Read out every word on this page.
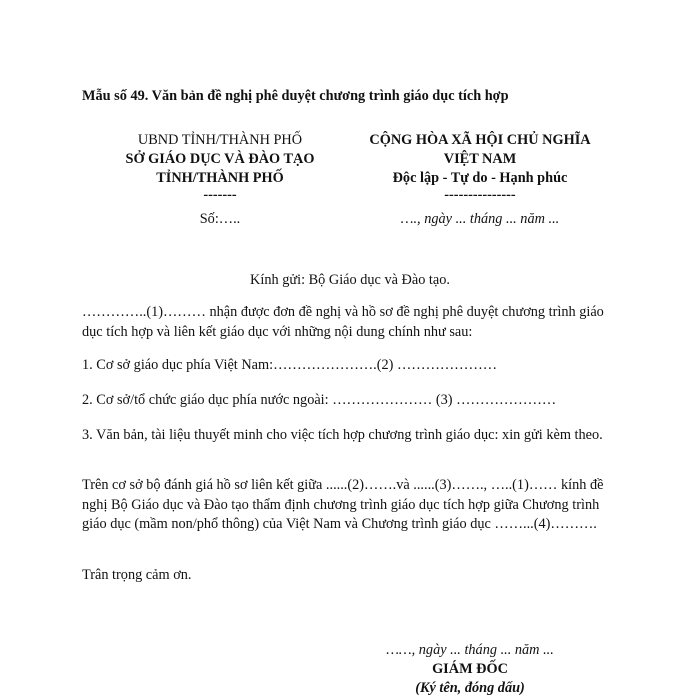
Mẫu số 49. Văn bản đề nghị phê duyệt chương trình giáo dục tích hợp
UBND TỈNH/THÀNH PHỐ
SỞ GIÁO DỤC VÀ ĐÀO TẠO
TỈNH/THÀNH PHỐ
-------
CỘNG HÒA XÃ HỘI CHỦ NGHĨA
VIỆT NAM
Độc lập - Tự do - Hạnh phúc
---------------
Số:…..	…., ngày ... tháng ... năm ...
Kính gửi: Bộ Giáo dục và Đào tạo.
…………..(1)……… nhận được đơn đề nghị và hồ sơ đề nghị phê duyệt chương trình giáo dục tích hợp và liên kết giáo dục với những nội dung chính như sau:
1. Cơ sở giáo dục phía Việt Nam:………………….(2) …………………
2. Cơ sở/tổ chức giáo dục phía nước ngoài: ………………… (3) …………………
3. Văn bản, tài liệu thuyết minh cho việc tích hợp chương trình giáo dục: xin gửi kèm theo.
Trên cơ sở bộ đánh giá hồ sơ liên kết giữa ......(2)…….và ......(3)……., …..(1)…… kính đề nghị Bộ Giáo dục và Đào tạo thẩm định chương trình giáo dục tích hợp giữa Chương trình giáo dục (mầm non/phổ thông) của Việt Nam và Chương trình giáo dục ……...(4)……….
Trân trọng cảm ơn.
……, ngày ... tháng ... năm ...
GIÁM ĐỐC
(Ký tên, đóng dấu)
